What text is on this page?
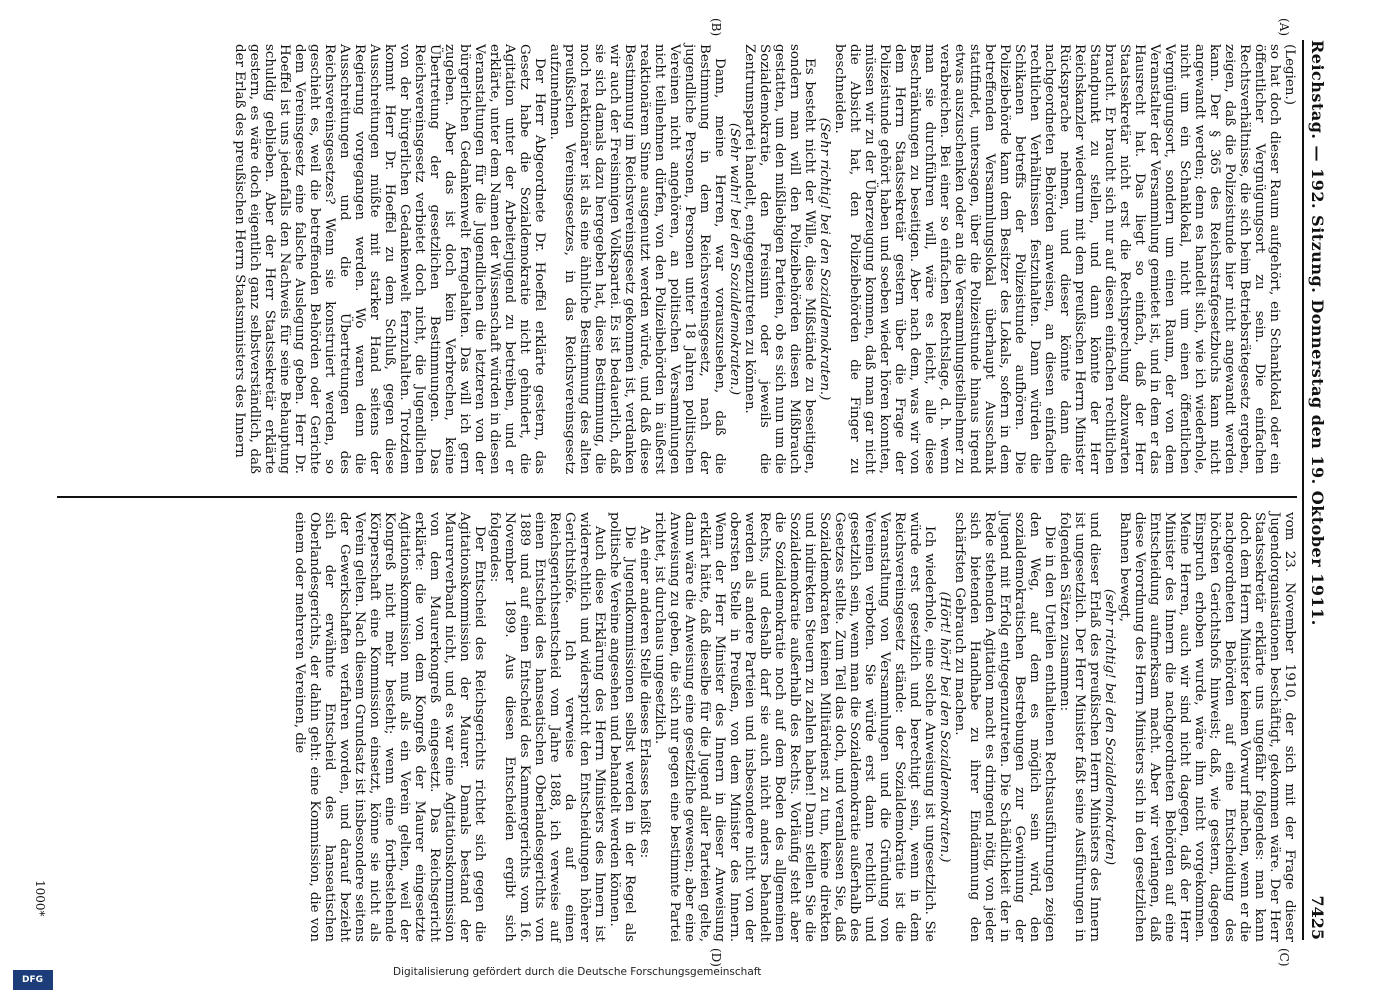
Reichstag. — 192. Sitzung. Donnerstag den 19. Oktober 1911.
7425
(A)
(B)
(C)
(D)

(Legien.)

so hat doch dieser Raum aufgehört, ein Schanklokal oder ein öffentlicher Vergnügungsort zu sein. Die einfachen Rechtsverhältnisse, die sich beim Betriebsrätegesetz ergeben, zeigen, daß die Polizeistunde hier nicht angewandt werden kann. Der § 365 des Reichsstrafgesetzbuchs kann nicht angewandt werden; denn es handelt sich, wie ich wiederhole, nicht um ein Schanklokal, nicht um einen öffentlichen Vergnügungsort, sondern um einen Raum, der von dem Veranstalter der Versammlung gemietet ist, und in dem er das Hausrecht hat. Das liegt so einfach, daß der Herr Staatssekretär nicht erst die Rechtsprechung abzuwarten braucht. Er braucht sich nur auf diesen einfachen rechtlichen Standpunkt zu stellen, und dann könnte der Herr Reichskanzler wiederum mit dem preußischen Herrn Minister Rücksprache nehmen, und dieser könnte dann die nachgeordneten Behörden anweisen, an diesen einfachen rechtlichen Verhältnissen festzuhalten. Dann würden die Schikanen betreffs der Polizeistunde aufhören. Die Polizeibehörde kann dem Besitzer des Lokals, sofern in dem betreffenden Versammlungslokal überhaupt Ausschank stattfindet, untersagen, über die Polizeistunde hinaus irgend etwas auszuschenken oder an die Versammlungsteilnehmer zu verabreichen. Bei einer so einfachen Rechtslage, d. h. wenn man sie durchführen will, wäre es leicht, alle diese Beschränkungen zu beseitigen. Aber nach dem, was wir von dem Herrn Staatssekretär gestern über die Frage der Polizeistunde gehört haben und soeben wieder hören konnten, müssen wir zu der Überzeugung kommen, daß man gar nicht die Absicht hat, den Polizeibehörden die Finger zu beschneiden.

(Sehr richtig! bei den Sozialdemokraten.)

Es besteht nicht der Wille, diese Mißstände zu beseitigen, sondern man will den Polizeibehörden diesen Mißbrauch gestatten, um den mißliebigen Parteien, ob es sich nun um die Sozialdemokratie, den Freisinn oder jeweils die Zentrumspartei handelt, entgegenzutreten zu können.

(Sehr wahr! bei den Sozialdemokraten.)

Dann, meine Herren, war vorauszusehen, daß die Bestimmung in dem Reichsvereinsgesetz, nach der jugendliche Personen, Personen unter 18 Jahren politischen Vereinen nicht angehören, an politischen Versammlungen nicht teilnehmen dürfen, von den Polizeibehörden in äußerst reaktionärem Sinne ausgenutzt werden würde, und daß diese Bestimmung im Reichsvereinsgesetz gekommen ist, verdanken wir auch der Freisinnigen Volkspartei. Es ist bedauerlich, daß sie sich damals dazu hergegeben hat, diese Bestimmung, die noch reaktionärer ist als eine ähnliche Bestimmung des alten preußischen Vereinsgesetzes, in das Reichsvereinsgesetz aufzunehmen.

Der Herr Abgeordnete Dr. Hoeffel erklärte gestern, das Gesetz habe die Sozialdemokratie nicht gehindert, die Agitation unter der Arbeiterjugend zu betreiben, und er erklärte, unter dem Namen der Wissenschaft würden in diesen Veranstaltungen für die Jugendlichen die letzteren von der bürgerlichen Gedankenwelt ferngehalten. Das will ich gern zugeben. Aber das ist doch kein Verbrechen, keine Übertretung der gesetzlichen Bestimmungen. Das Reichsvereinsgesetz verbietet doch nicht, die Jugendlichen von der bürgerlichen Gedankenwelt fernzuhalten. Trotzdem kommt Herr Dr. Hoeffel zu dem Schluß, gegen diese Ausschreitungen müßte mit starker Hand seitens der Regierung vorgegangen werden. Wo waren denn die Ausschreitungen und die Übertretungen des Reichsvereinsgesetzes? Wenn sie konstruiert werden, so geschieht es, weil die betreffenden Behörden oder Gerichte dem Vereinsgesetz eine falsche Auslegung geben. Herr Dr. Hoeffel ist uns jedenfalls den Nachweis für seine Behauptung schuldig geblieben. Aber der Herr Staatssekretär erklärte gestern, es wäre doch eigentlich ganz selbstverständlich, daß der Erlaß des preußischen Herrn Staatsministers des Innern

vom 23. November 1910, der sich mit der Frage dieser Jugendorganisationen beschäftigt, gekommen wäre. Der Herr Staatssekretär erklärte uns ungefähr folgendes: man kann doch dem Herrn Minister keinen Vorwurf machen, wenn er die nachgeordneten Behörden auf eine Entscheidung des höchsten Gerichtshofs hinweist; daß, wie gestern, dagegen Einspruch erhoben wurde, wäre ihm nicht vorgekommen. Meine Herren, auch wir sind nicht dagegen, daß der Herr Minister des Innern die nachgeordneten Behörden auf eine Entscheidung aufmerksam macht. Aber wir verlangen, daß diese Verordnung des Herrn Ministers sich in den gesetzlichen Bahnen bewegt,

(sehr richtig! bei den Sozialdemokraten)

und dieser Erlaß des preußischen Herrn Ministers des Innern ist ungesetzlich. Der Herr Minister faßt seine Ausführungen in folgenden Sätzen zusammen:

Die in den Urteilen enthaltenen Rechtsausführungen zeigen den Weg, auf dem es möglich sein wird, den sozialdemokratischen Bestrebungen zur Gewinnung der Jugend mit Erfolg entgegenzutreten. Die Schädlichkeit der in Rede stehenden Agitation macht es dringend nötig, von jeder sich bietenden Handhabe zu ihrer Eindämmung den schärfsten Gebrauch zu machen.

(Hört! hört! bei den Sozialdemokraten.)

Ich wiederhole, eine solche Anweisung ist ungesetzlich. Sie würde erst gesetzlich und berechtigt sein, wenn in dem Reichsvereinsgesetz stände: der Sozialdemokratie ist die Veranstaltung von Versammlungen und die Gründung von Vereinen verboten. Sie würde erst dann rechtlich und gesetzlich sein, wenn man die Sozialdemokratie außerhalb des Gesetzes stellte. Zum Teil das doch, und veranlassen Sie, daß Sozialdemokraten keinen Militärdienst zu tun, keine direkten und indirekten Steuern zu zahlen haben! Dann stellen Sie die Sozialdemokratie außerhalb des Rechts. Vorläufig steht aber die Sozialdemokratie noch auf dem Boden des allgemeinen Rechts, und deshalb darf sie auch nicht anders behandelt werden als andere Parteien und insbesondere nicht von der obersten Stelle in Preußen, von dem Minister des Innern. Wenn der Herr Minister des Innern in dieser Anweisung erklärt hätte, daß dieselbe für die Jugend aller Parteien gelte, dann wäre die Anweisung eine gesetzliche gewesen; aber eine Anweisung zu geben, die sich nur gegen eine bestimmte Partei richtet, ist durchaus ungesetzlich.

An einer anderen Stelle dieses Erlasses heißt es:

Die Jugendkommissionen selbst werden in der Regel als politische Vereine angesehen und behandelt werden können.

Auch diese Erklärung des Herrn Ministers des Innern ist widerrechtlich und widerspricht den Entscheidungen höherer Gerichtshöfe. Ich verweise da auf einen Reichsgerichtsentscheid vom Jahre 1888, ich verweise auf einen Entscheid des hanseatischen Oberlandesgerichts von 1889 und auf einen Entscheid des Kammergerichts vom 16. November 1899. Aus diesen Entscheiden ergibt sich folgendes:

Der Entscheid des Reichsgerichts richtet sich gegen die Agitationskommission der Maurer. Damals bestand der Maurerverband nicht, und es war eine Agitationskommission von dem Maurerkongreß eingesetzt. Das Reichsgericht erklärte: die von dem Kongreß der Maurer eingesetzte Agitationskommission muß als ein Verein gelten, weil der Kongreß nicht mehr besteht; wenn eine fortbestehende Körperschaft eine Kommission einsetzt, könne sie nicht als Verein gelten. Nach diesem Grundsatz ist insbesondere seitens der Gewerkschaften verfahren worden, und darauf bezieht sich der erwähnte Entscheid des hanseatischen Oberlandesgerichts, der dahin geht: eine Kommission, die von einem oder mehreren Vereinen, die

1000*
Digitalisierung gefördert durch die Deutsche Forschungsgemeinschaft
DFG
